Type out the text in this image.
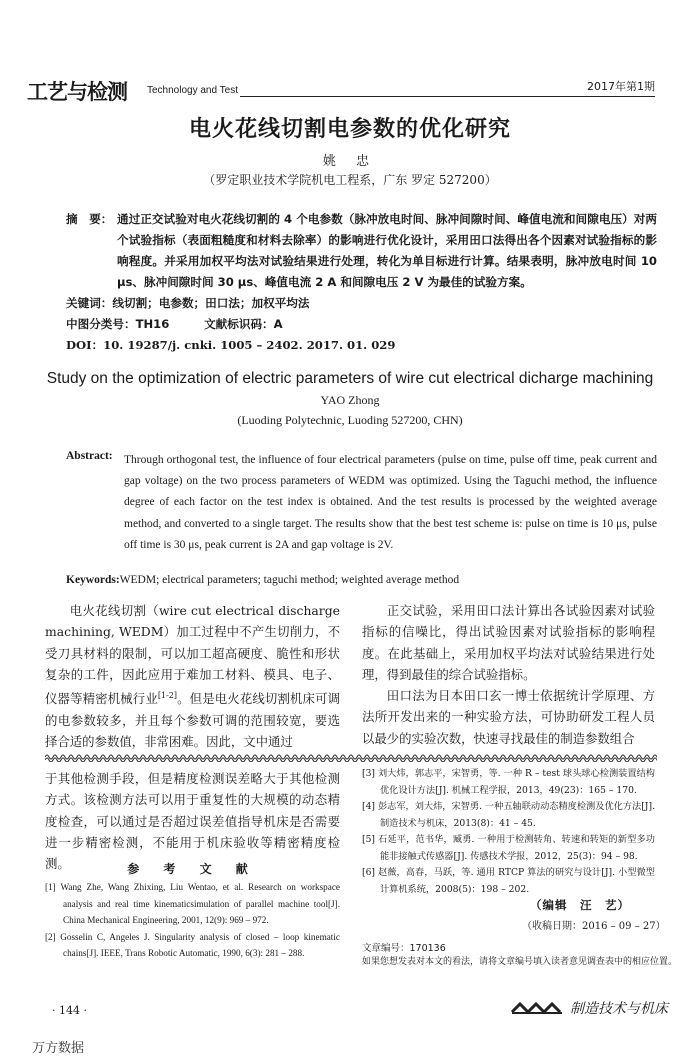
工艺与检测 Technology and Test	2017年第1期
电火花线切割电参数的优化研究
姚 忠
（罗定职业技术学院机电工程系，广东 罗定 527200）
摘　要： 通过正交试验对电火花线切割的 4 个电参数（脉冲放电时间、脉冲间隙时间、峰值电流和间隙电压）对两个试验指标（表面粗糙度和材料去除率）的影响进行优化设计，采用田口法得出各个因素对试验指标的影响程度。并采用加权平均法对试验结果进行处理，转化为单目标进行计算。结果表明，脉冲放电时间 10 μs、脉冲间隙时间 30 μs、峰值电流 2 A 和间隙电压 2 V 为最佳的试验方案。
关键词：线切割；电参数；田口法；加权平均法
中图分类号：TH16　　　文献标识码：A
DOI：10. 19287/j. cnki. 1005 – 2402. 2017. 01. 029
Study on the optimization of electric parameters of wire cut electrical dicharge machining
YAO Zhong
(Luoding Polytechnic, Luoding 527200, CHN)
Abstract: Through orthogonal test, the influence of four electrical parameters (pulse on time, pulse off time, peak current and gap voltage) on the two process parameters of WEDM was optimized. Using the Taguchi method, the influence degree of each factor on the test index is obtained. And the test results is processed by the weighted average method, and converted to a single target. The results show that the best test scheme is: pulse on time is 10 μs, pulse off time is 30 μs, peak current is 2A and gap voltage is 2V.
Keywords:WEDM; electrical parameters; taguchi method; weighted average method

电火花线切割（wire cut electrical discharge machining, WEDM）加工过程中不产生切削力，不受刀具材料的限制，可以加工超高硬度、脆性和形状复杂的工件，因此应用于难加工材料、模具、电子、仪器等精密机械行业[1-2]。但是电火花线切割机床可调的电参数较多，并且每个参数可调的范围较宽，要选择合适的参数值，非常困难。因此，文中通过

正交试验，采用田口法计算出各试验因素对试验指标的信噪比，得出试验因素对试验指标的影响程度。在此基础上，采用加权平均法对试验结果进行处理，得到最佳的综合试验指标。

田口法为日本田口玄一博士依据统计学原理、方法所开发出来的一种实验方法，可协助研发工程人员以最少的实验次数，快速寻找最佳的制造参数组合

于其他检测手段，但是精度检测误差略大于其他检测方式。该检测方法可以用于重复性的大规模的动态精度检查，可以通过是否超过误差值指导机床是否需要进一步精密检测，不能用于机床验收等精密精度检测。	参 考 文 献

[1] Wang Zhe, Wang Zhixing, Liu Wentao, et al. Research on workspace analysis and real time kinematicsimulation of parallel machine tool[J]. China Mechanical Engineering, 2001, 12(9): 969 – 972.

[2] Gosselin C, Angeles J. Singularity analysis of closed – loop kinematic chains[J]. IEEE, Trans Robotic Automatic, 1990, 6(3): 281 – 288.

[3] 刘大炜，郭志平，宋智勇，等. 一种 R – test 球头球心检测装置结构优化设计方法[J]. 机械工程学报，2013，49(23)：165 – 170.

[4] 彭志军，刘大炜，宋智勇. 一种五轴联动动态精度检测及优化方法[J]. 制造技术与机床，2013(8)：41 – 45.

[5] 石延平，范书华，臧勇. 一种用于检测转角、转速和转矩的新型多功能非接触式传感器[J]. 传感技术学报，2012，25(3)：94 – 98.

[6] 赵薇，高春，马跃，等. 通用 RTCP 算法的研究与设计[J]. 小型微型计算机系统，2008(5)：198 – 202.

（编辑　汪　艺）
（收稿日期：2016 – 09 – 27）
文章编号：170136
如果您想发表对本文的看法，请将文章编号填入读者意见调查表中的相应位置。
· 144 ·	制造技术与机床
万方数据
